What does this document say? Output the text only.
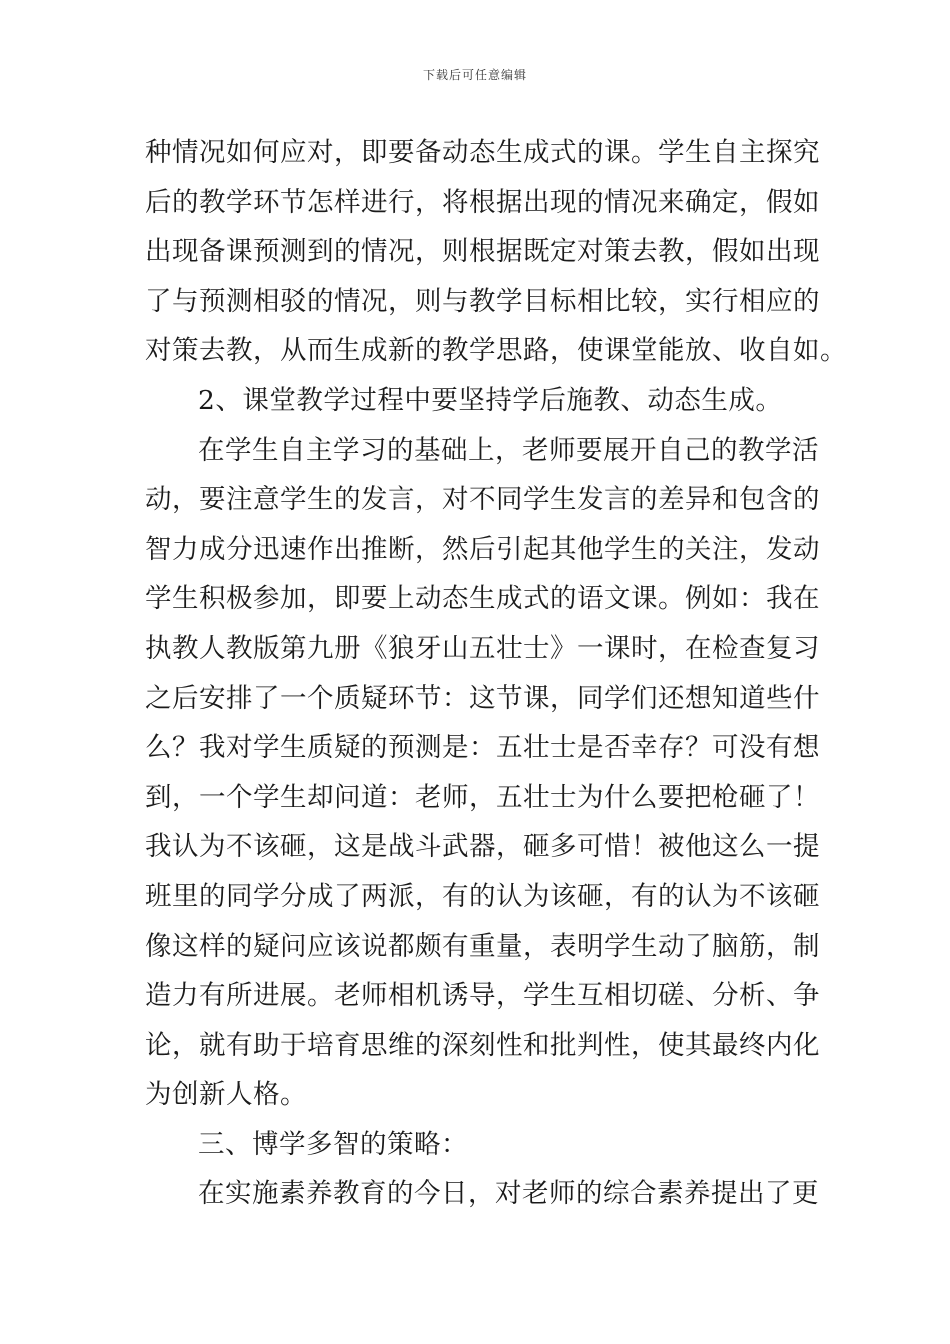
下载后可任意编辑
种情况如何应对，即要备动态生成式的课。学生自主探究
后的教学环节怎样进行，将根据出现的情况来确定，假如
出现备课预测到的情况，则根据既定对策去教，假如出现
了与预测相驳的情况，则与教学目标相比较，实行相应的
对策去教，从而生成新的教学思路，使课堂能放、收自如。
2、课堂教学过程中要坚持学后施教、动态生成。
在学生自主学习的基础上，老师要展开自己的教学活
动，要注意学生的发言，对不同学生发言的差异和包含的
智力成分迅速作出推断，然后引起其他学生的关注，发动
学生积极参加，即要上动态生成式的语文课。例如：我在
执教人教版第九册《狼牙山五壮士》一课时，在检查复习
之后安排了一个质疑环节：这节课，同学们还想知道些什
么？我对学生质疑的预测是：五壮士是否幸存？可没有想
到，一个学生却问道：老师，五壮士为什么要把枪砸了！
我认为不该砸，这是战斗武器，砸多可惜！被他这么一提
班里的同学分成了两派，有的认为该砸，有的认为不该砸
像这样的疑问应该说都颇有重量，表明学生动了脑筋，制
造力有所进展。老师相机诱导，学生互相切磋、分析、争
论，就有助于培育思维的深刻性和批判性，使其最终内化
为创新人格。
三、博学多智的策略：
在实施素养教育的今日，对老师的综合素养提出了更
